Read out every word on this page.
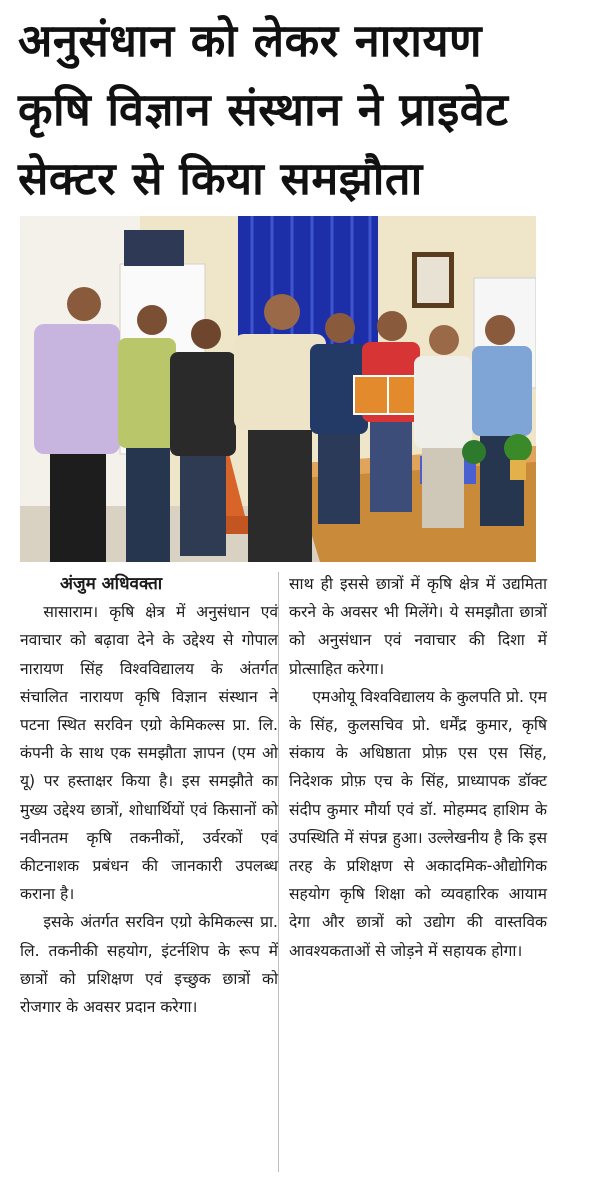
अनुसंधान को लेकर नारायण
कृषि विज्ञान संस्थान ने प्राइवेट
सेक्टर से किया समझौता

अंजुम अधिवक्ता

सासाराम। कृषि क्षेत्र में अनुसंधान एवं नवाचार को बढ़ावा देने के उद्देश्य से गोपाल नारायण सिंह विश्वविद्यालय के अंतर्गत संचालित नारायण कृषि विज्ञान संस्थान ने पटना स्थित सरविन एग्रो केमिकल्स प्रा. लि. कंपनी के साथ एक समझौता ज्ञापन (एम ओ यू) पर हस्ताक्षर किया है। इस समझौते का मुख्य उद्देश्य छात्रों, शोधार्थियों एवं किसानों को नवीनतम कृषि तकनीकों, उर्वरकों एवं कीटनाशक प्रबंधन की जानकारी उपलब्ध कराना है।

इसके अंतर्गत सरविन एग्रो केमिकल्स प्रा. लि. तकनीकी सहयोग, इंटर्नशिप के रूप में छात्रों को प्रशिक्षण एवं इच्छुक छात्रों को रोजगार के अवसर प्रदान करेगा।

साथ ही इससे छात्रों में कृषि क्षेत्र में उद्यमिता करने के अवसर भी मिलेंगे। ये समझौता छात्रों को अनुसंधान एवं नवाचार की दिशा में प्रोत्साहित करेगा।

एमओयू विश्वविद्यालय के कुलपति प्रो. एम के सिंह, कुलसचिव प्रो. धर्मेंद्र कुमार, कृषि संकाय के अधिष्ठाता प्रोफ़ एस एस सिंह, निदेशक प्रोफ़ एच के सिंह, प्राध्यापक डॉक्ट संदीप कुमार मौर्या एवं डॉ. मोहम्मद हाशिम के उपस्थिति में संपन्न हुआ। उल्लेखनीय है कि इस तरह के प्रशिक्षण से अकादमिक-औद्योगिक सहयोग कृषि शिक्षा को व्यवहारिक आयाम देगा और छात्रों को उद्योग की वास्तविक आवश्यकताओं से जोड़ने में सहायक होगा।
